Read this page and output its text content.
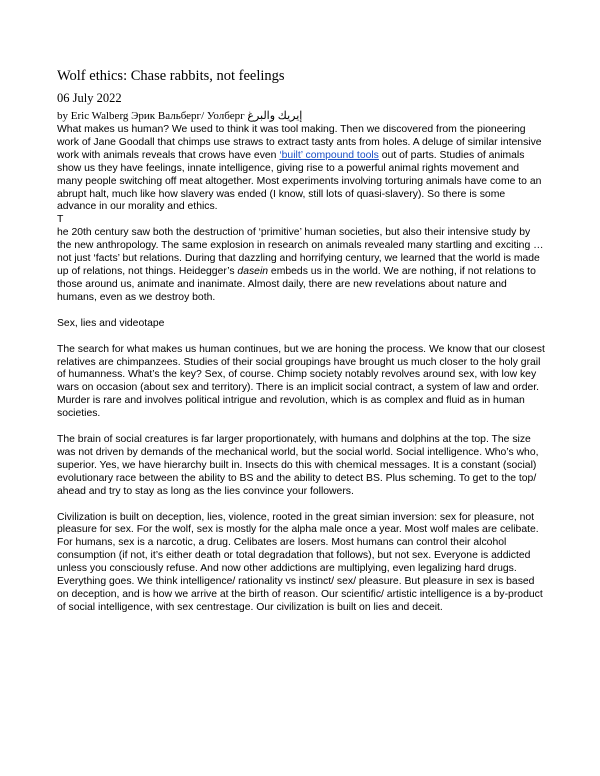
Wolf ethics: Chase rabbits, not feelings
06 July 2022
by Eric Walberg Эрик Вальберг/ Уолберг إيريك والبرغ

What makes us human? We used to think it was tool making. Then we discovered from the pioneering work of Jane Goodall that chimps use straws to extract tasty ants from holes. A deluge of similar intensive work with animals reveals that crows have even ‘built’ compound tools out of parts. Studies of animals show us they have feelings, innate intelligence, giving rise to a powerful animal rights movement and many people switching off meat altogether. Most experiments involving torturing animals have come to an abrupt halt, much like how slavery was ended (I know, still lots of quasi-slavery). So there is some advance in our morality and ethics.

T

he 20th century saw both the destruction of ‘primitive’ human societies, but also their intensive study by the new anthropology. The same explosion in research on animals revealed many startling and exciting … not just ‘facts’ but relations. During that dazzling and horrifying century, we learned that the world is made up of relations, not things. Heidegger’s dasein embeds us in the world. We are nothing, if not relations to those around us, animate and inanimate. Almost daily, there are new revelations about nature and humans, even as we destroy both.

Sex, lies and videotape

The search for what makes us human continues, but we are honing the process. We know that our closest relatives are chimpanzees. Studies of their social groupings have brought us much closer to the holy grail of humanness. What’s the key? Sex, of course. Chimp society notably revolves around sex, with low key wars on occasion (about sex and territory). There is an implicit social contract, a system of law and order. Murder is rare and involves political intrigue and revolution, which is as complex and fluid as in human societies.

The brain of social creatures is far larger proportionately, with humans and dolphins at the top. The size was not driven by demands of the mechanical world, but the social world. Social intelligence. Who’s who, superior. Yes, we have hierarchy built in. Insects do this with chemical messages. It is a constant (social) evolutionary race between the ability to BS and the ability to detect BS. Plus scheming. To get to the top/ ahead and try to stay as long as the lies convince your followers.

Civilization is built on deception, lies, violence, rooted in the great simian inversion: sex for pleasure, not pleasure for sex. For the wolf, sex is mostly for the alpha male once a year. Most wolf males are celibate. For humans, sex is a narcotic, a drug. Celibates are losers. Most humans can control their alcohol consumption (if not, it’s either death or total degradation that follows), but not sex. Everyone is addicted unless you consciously refuse. And now other addictions are multiplying, even legalizing hard drugs. Everything goes. We think intelligence/ rationality vs instinct/ sex/ pleasure. But pleasure in sex is based on deception, and is how we arrive at the birth of reason. Our scientific/ artistic intelligence is a by-product of social intelligence, with sex centrestage. Our civilization is built on lies and deceit.
